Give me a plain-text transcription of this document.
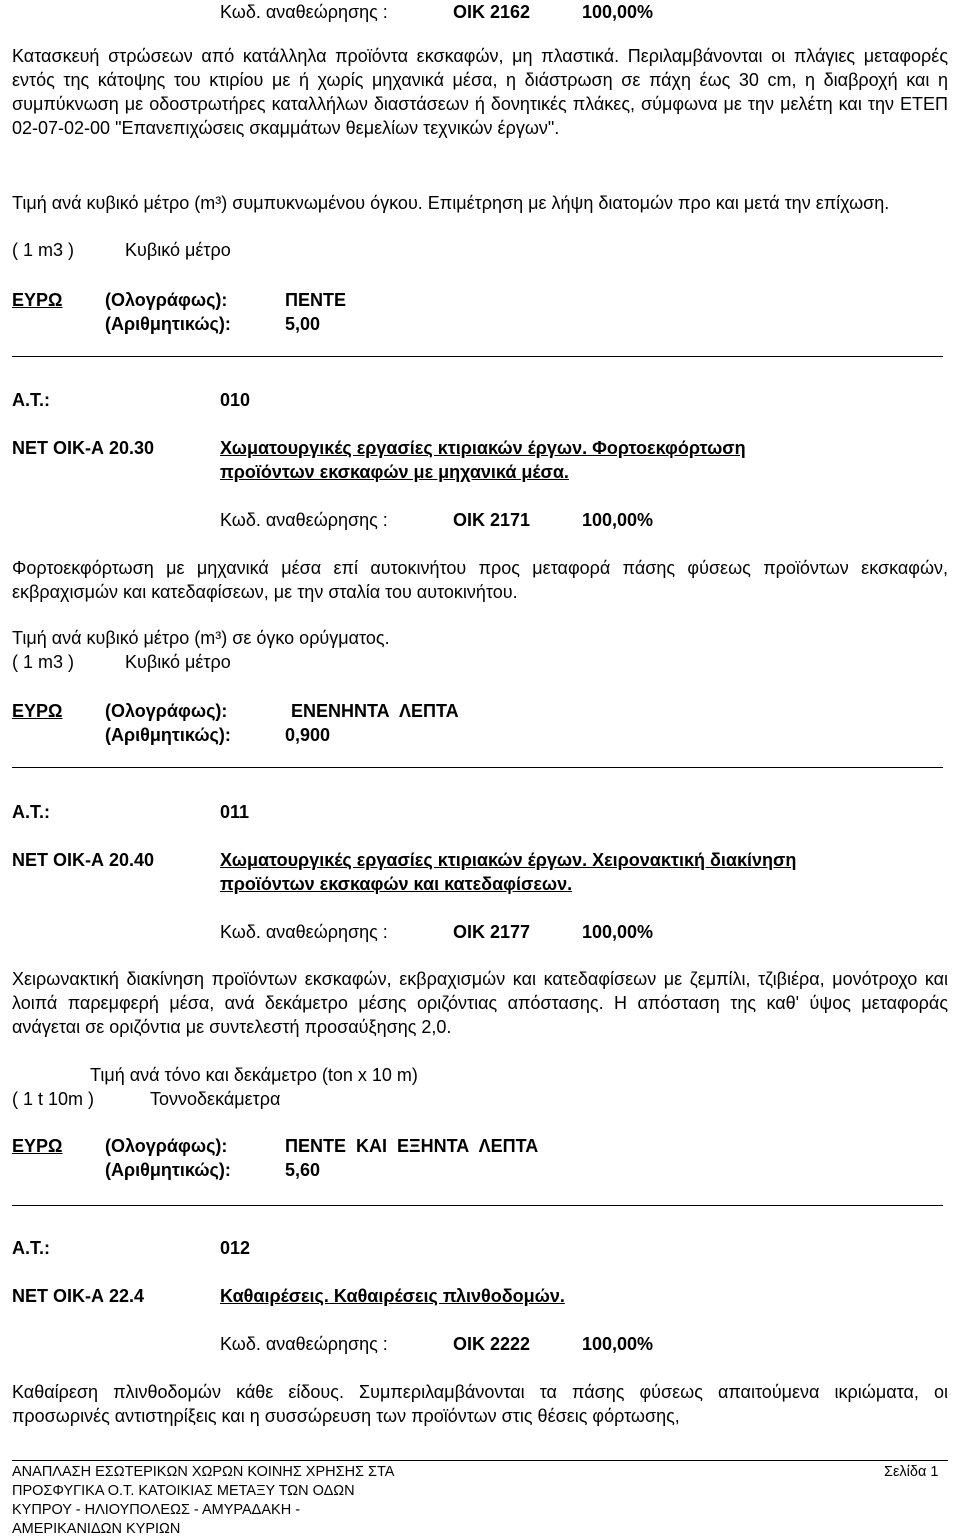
Κωδ. αναθεώρησης :	ΟΙΚ 2162	100,00%
Κατασκευή στρώσεων από κατάλληλα προϊόντα εκσκαφών, μη πλαστικά. Περιλαμβάνονται οι πλάγιες μεταφορές εντός της κάτοψης του κτιρίου με ή χωρίς μηχανικά μέσα, η διάστρωση σε πάχη έως 30 cm, η διαβροχή και η συμπύκνωση με οδοστρωτήρες καταλλήλων διαστάσεων ή δονητικές πλάκες, σύμφωνα με την μελέτη και την ΕΤΕΠ 02-07-02-00 "Επανεπιχώσεις σκαμμάτων θεμελίων τεχνικών έργων".
Τιμή ανά κυβικό μέτρο (m³) συμπυκνωμένου όγκου. Επιμέτρηση με λήψη διατομών προ και μετά την επίχωση.
( 1 m3 )	Κυβικό μέτρο
ΕΥΡΩ (Ολογράφως):	ΠΕΝΤΕ
(Αριθμητικώς):	5,00
Α.Τ.:	010
ΝΕΤ ΟΙΚ-Α 20.30	Χωματουργικές εργασίες κτιριακών έργων. Φορτοεκφόρτωση
προϊόντων εκσκαφών με μηχανικά μέσα.
Κωδ. αναθεώρησης :	ΟΙΚ 2171	100,00%
Φορτοεκφόρτωση με μηχανικά μέσα επί αυτοκινήτου προς μεταφορά πάσης φύσεως προϊόντων εκσκαφών, εκβραχισμών και κατεδαφίσεων, με την σταλία του αυτοκινήτου.
Τιμή ανά κυβικό μέτρο (m³) σε όγκο ορύγματος.
( 1 m3 )	Κυβικό μέτρο
ΕΥΡΩ (Ολογράφως):	ΕΝΕΝΗΝΤΑ  ΛΕΠΤΑ
(Αριθμητικώς):	0,900
Α.Τ.:	011
ΝΕΤ ΟΙΚ-Α 20.40	Χωματουργικές εργασίες κτιριακών έργων. Χειρονακτική διακίνηση
προϊόντων εκσκαφών και κατεδαφίσεων.
Κωδ. αναθεώρησης :	ΟΙΚ 2177	100,00%
Χειρωνακτική διακίνηση προϊόντων εκσκαφών, εκβραχισμών και κατεδαφίσεων με ζεμπίλι, τζιβιέρα, μονότροχο και λοιπά παρεμφερή μέσα, ανά δεκάμετρο μέσης οριζόντιας απόστασης. Η απόσταση της καθ' ύψος μεταφοράς ανάγεται σε οριζόντια με συντελεστή προσαύξησης 2,0.
Τιμή ανά τόνο και δεκάμετρο (ton x 10 m)
( 1 t 10m )	Τοννοδεκάμετρα
ΕΥΡΩ (Ολογράφως):	ΠΕΝΤΕ  ΚΑΙ  ΕΞΗΝΤΑ  ΛΕΠΤΑ
(Αριθμητικώς):	5,60
Α.Τ.:	012
ΝΕΤ ΟΙΚ-Α 22.4	Καθαιρέσεις. Καθαιρέσεις πλινθοδομών.
Κωδ. αναθεώρησης :	ΟΙΚ 2222	100,00%
Καθαίρεση πλινθοδομών κάθε είδους. Συμπεριλαμβάνονται τα πάσης φύσεως απαιτούμενα ικριώματα, οι προσωρινές αντιστηρίξεις και η συσσώρευση των προϊόντων στις θέσεις φόρτωσης,
ΑΝΑΠΛΑΣΗ ΕΣΩΤΕΡΙΚΩΝ ΧΩΡΩΝ ΚΟΙΝΗΣ ΧΡΗΣΗΣ ΣΤΑ
ΠΡΟΣΦΥΓΙΚΑ Ο.Τ. ΚΑΤΟΙΚΙΑΣ ΜΕΤΑΞΥ ΤΩΝ ΟΔΩΝ
ΚΥΠΡΟΥ - ΗΛΙΟΥΠΟΛΕΩΣ - ΑΜΥΡΑΔΑΚΗ -
ΑΜΕΡΙΚΑΝΙΔΩΝ ΚΥΡΙΩΝ
Σελίδα 1
